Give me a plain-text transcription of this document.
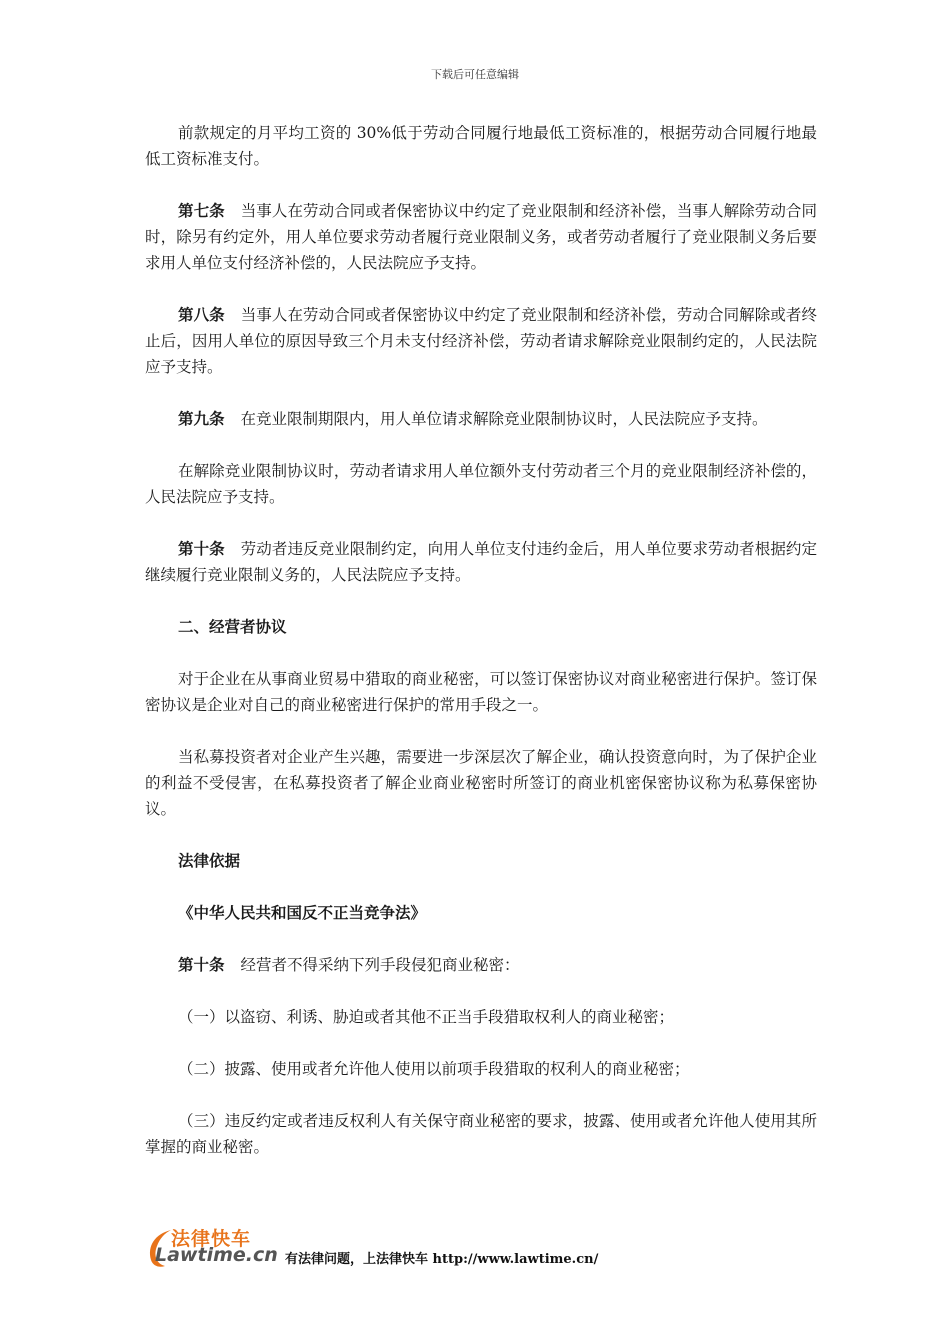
下载后可任意编辑

前款规定的月平均工资的 30%低于劳动合同履行地最低工资标准的，根据劳动合同履行地最低工资标准支付。

第七条 当事人在劳动合同或者保密协议中约定了竞业限制和经济补偿，当事人解除劳动合同时，除另有约定外，用人单位要求劳动者履行竞业限制义务，或者劳动者履行了竞业限制义务后要求用人单位支付经济补偿的，人民法院应予支持。

第八条 当事人在劳动合同或者保密协议中约定了竞业限制和经济补偿，劳动合同解除或者终止后，因用人单位的原因导致三个月未支付经济补偿，劳动者请求解除竞业限制约定的，人民法院应予支持。

第九条 在竞业限制期限内，用人单位请求解除竞业限制协议时，人民法院应予支持。

在解除竞业限制协议时，劳动者请求用人单位额外支付劳动者三个月的竞业限制经济补偿的，人民法院应予支持。

第十条 劳动者违反竞业限制约定，向用人单位支付违约金后，用人单位要求劳动者根据约定继续履行竞业限制义务的，人民法院应予支持。

二、经营者协议

对于企业在从事商业贸易中猎取的商业秘密，可以签订保密协议对商业秘密进行保护。签订保密协议是企业对自己的商业秘密进行保护的常用手段之一。

当私募投资者对企业产生兴趣，需要进一步深层次了解企业，确认投资意向时，为了保护企业的利益不受侵害，在私募投资者了解企业商业秘密时所签订的商业机密保密协议称为私募保密协议。

法律依据

《中华人民共和国反不正当竞争法》

第十条 经营者不得采纳下列手段侵犯商业秘密：

（一）以盗窃、利诱、胁迫或者其他不正当手段猎取权利人的商业秘密；

（二）披露、使用或者允许他人使用以前项手段猎取的权利人的商业秘密；

（三）违反约定或者违反权利人有关保守商业秘密的要求，披露、使用或者允许他人使用其所掌握的商业秘密。

法律快车
Lawtime.cn 有法律问题，上法律快车 http://www.lawtime.cn/
